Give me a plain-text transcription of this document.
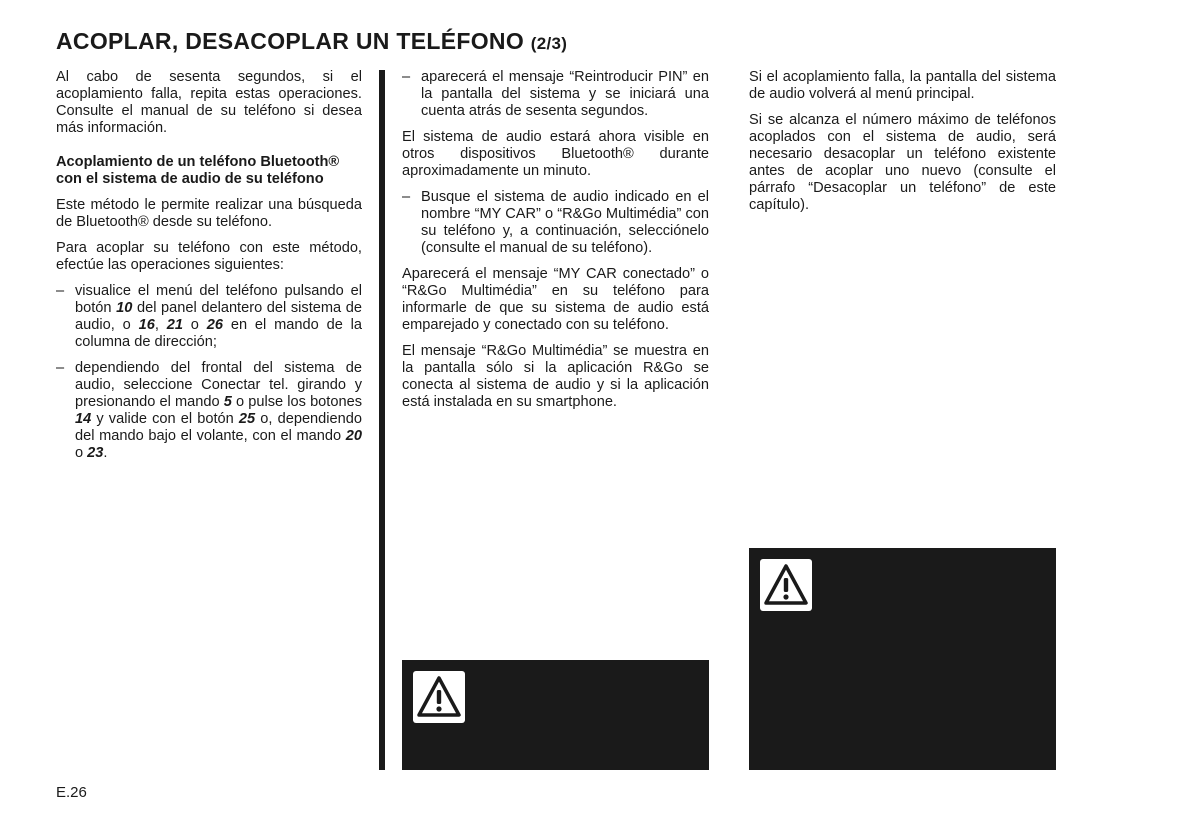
ACOPLAR, DESACOPLAR UN TELÉFONO (2/3)

Al cabo de sesenta segundos, si el acoplamiento falla, repita estas operaciones. Consulte el manual de su teléfono si desea más información.

Acoplamiento de un teléfono Bluetooth® con el sistema de audio de su teléfono

Este método le permite realizar una búsqueda de Bluetooth® desde su teléfono.

Para acoplar su teléfono con este método, efectúe las operaciones siguientes:

– visualice el menú del teléfono pulsando el botón 10 del panel delantero del sistema de audio, o 16, 21 o 26 en el mando de la columna de dirección;
– dependiendo del frontal del sistema de audio, seleccione Conectar tel. girando y presionando el mando 5 o pulse los botones 14 y valide con el botón 25 o, dependiendo del mando bajo el volante, con el mando 20 o 23.
– aparecerá el mensaje “Reintroducir PIN” en la pantalla del sistema y se iniciará una cuenta atrás de sesenta segundos.

El sistema de audio estará ahora visible en otros dispositivos Bluetooth® durante aproximadamente un minuto.

– Busque el sistema de audio indicado en el nombre “MY CAR” o “R&Go Multimédia” con su teléfono y, a continuación, selecciónelo (consulte el manual de su teléfono).

Aparecerá el mensaje “MY CAR conectado” o “R&Go Multimédia” en su teléfono para informarle de que su sistema de audio está emparejado y conectado con su teléfono.

El mensaje “R&Go Multimédia” se muestra en la pantalla sólo si la aplicación R&Go se conecta al sistema de audio y si la aplicación está instalada en su smartphone.

Si el acoplamiento falla, la pantalla del sistema de audio volverá al menú principal.

Si se alcanza el número máximo de teléfonos acoplados con el sistema de audio, será necesario desacoplar un teléfono existente antes de acoplar uno nuevo (consulte el párrafo “Desacoplar un teléfono” de este capítulo).

E.26
